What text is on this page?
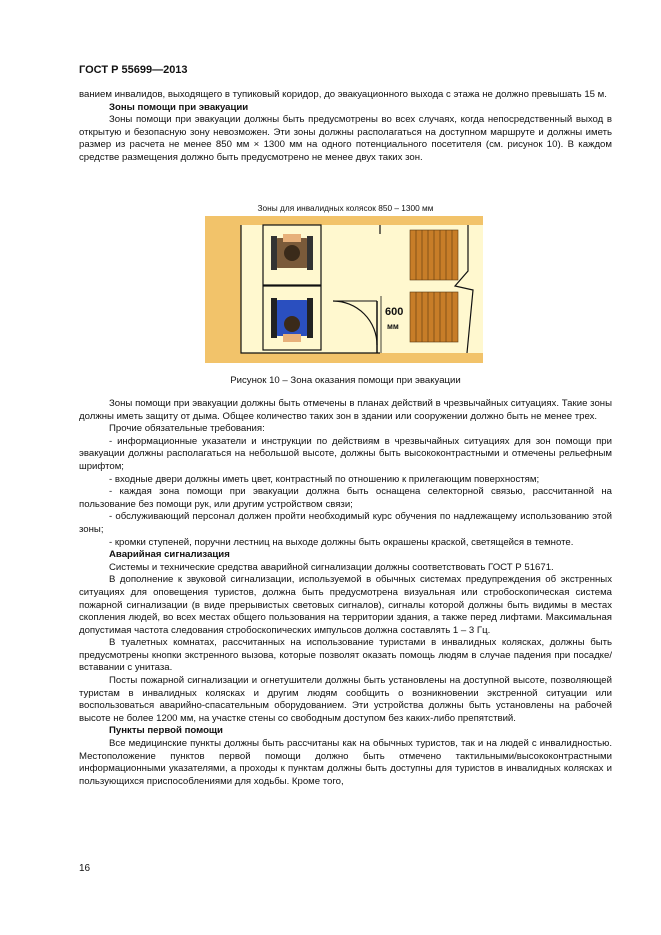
ГОСТ Р 55699—2013

ванием инвалидов, выходящего в тупиковый коридор, до эвакуационного выхода с этажа не должно превышать 15 м.

Зоны помощи при эвакуации

Зоны помощи при эвакуации должны быть предусмотрены во всех случаях, когда непосредственный выход в открытую и безопасную зону невозможен. Эти зоны должны располагаться на доступном маршруте и должны иметь размер из расчета не менее 850 мм × 1300 мм на одного потенциального посетителя (см. рисунок 10). В каждом средстве размещения должно быть предусмотрено не менее двух таких зон.

Зоны для инвалидных колясок 850 – 1300 мм
600
мм
Рисунок 10 – Зона оказания помощи при эвакуации

Зоны помощи при эвакуации должны быть отмечены в планах действий в чрезвычайных ситуациях. Такие зоны должны иметь защиту от дыма. Общее количество таких зон в здании или сооружении должно быть не менее трех.

Прочие обязательные требования:

- информационные указатели и инструкции по действиям в чрезвычайных ситуациях для зон помощи при эвакуации должны располагаться на небольшой высоте, должны быть высококонтрастными и отмечены рельефным шрифтом;

- входные двери должны иметь цвет, контрастный по отношению к прилегающим поверхностям;

- каждая зона помощи при эвакуации должна быть оснащена селекторной связью, рассчитанной на пользование без помощи рук, или другим устройством связи;

- обслуживающий персонал должен пройти необходимый курс обучения по надлежащему использованию этой зоны;

- кромки ступеней, поручни лестниц на выходе должны быть окрашены краской, светящейся в темноте.

Аварийная сигнализация

Системы и технические средства аварийной сигнализации должны соответствовать ГОСТ Р 51671.

В дополнение к звуковой сигнализации, используемой в обычных системах предупреждения об экстренных ситуациях для оповещения туристов, должна быть предусмотрена визуальная или стробоскопическая система пожарной сигнализации (в виде прерывистых световых сигналов), сигналы которой должны быть видимы в местах скопления людей, во всех местах общего пользования на территории здания, а также перед лифтами. Максимальная допустимая частота следования стробоскопических импульсов должна составлять 1 – 3 Гц.

В туалетных комнатах, рассчитанных на использование туристами в инвалидных колясках, должны быть предусмотрены кнопки экстренного вызова, которые позволят оказать помощь людям в случае падения при посадке/вставании с унитаза.

Посты пожарной сигнализации и огнетушители должны быть установлены на доступной высоте, позволяющей туристам в инвалидных колясках и другим людям сообщить о возникновении экстренной ситуации или воспользоваться аварийно-спасательным оборудованием. Эти устройства должны быть установлены на рабочей высоте не более 1200 мм, на участке стены со свободным доступом без каких-либо препятствий.

Пункты первой помощи

Все медицинские пункты должны быть рассчитаны как на обычных туристов, так и на людей с инвалидностью. Местоположение пунктов первой помощи должно быть отмечено тактильными/высококонтрастными информационными указателями, а проходы к пунктам должны быть доступны для туристов в инвалидных колясках и пользующихся приспособлениями для ходьбы. Кроме того,

16
